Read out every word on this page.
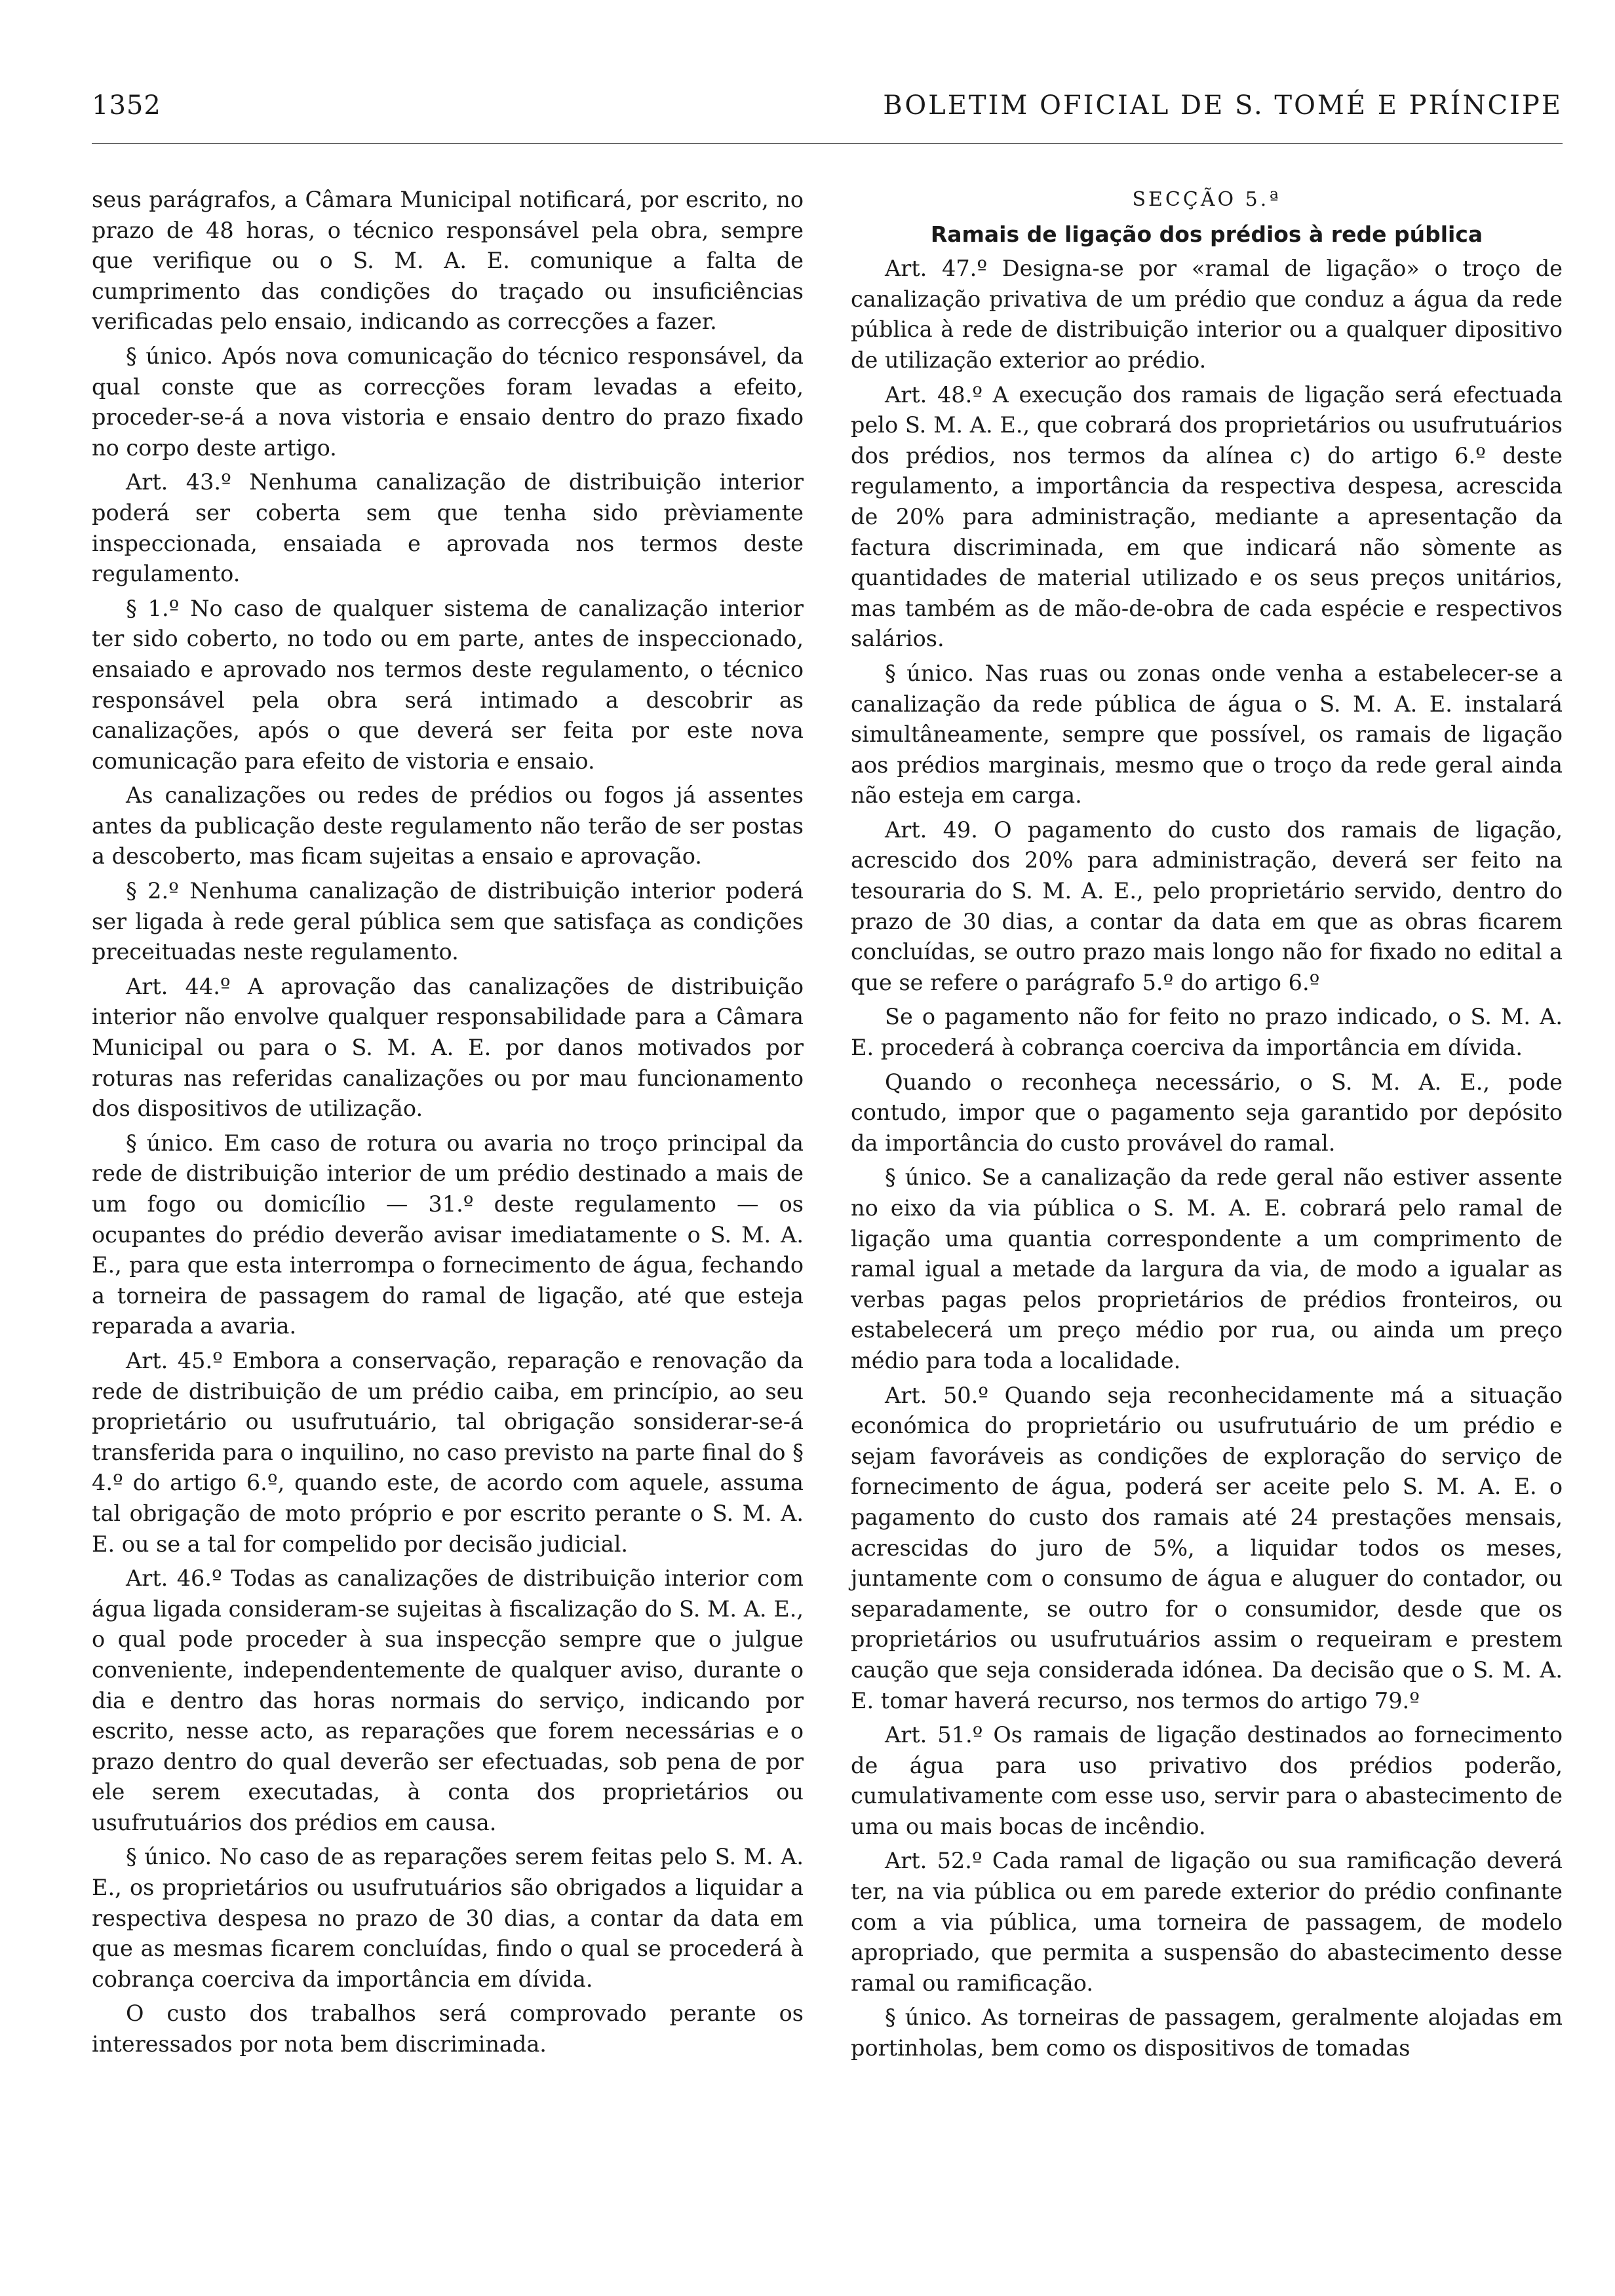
1352	BOLETIM OFICIAL DE S. TOMÉ E PRÍNCIPE

seus parágrafos, a Câmara Municipal notificará, por escrito, no prazo de 48 horas, o técnico responsável pela obra, sempre que verifique ou o S. M. A. E. comunique a falta de cumprimento das condições do traçado ou insuficiências verificadas pelo ensaio, indicando as correcções a fazer.

§ único. Após nova comunicação do técnico responsável, da qual conste que as correcções foram levadas a efeito, proceder-se-á a nova vistoria e ensaio dentro do prazo fixado no corpo deste artigo.

Art. 43.º Nenhuma canalização de distribuição interior poderá ser coberta sem que tenha sido prèviamente inspeccionada, ensaiada e aprovada nos termos deste regulamento.

§ 1.º No caso de qualquer sistema de canalização interior ter sido coberto, no todo ou em parte, antes de inspeccionado, ensaiado e aprovado nos termos deste regulamento, o técnico responsável pela obra será intimado a descobrir as canalizações, após o que deverá ser feita por este nova comunicação para efeito de vistoria e ensaio.

As canalizações ou redes de prédios ou fogos já assentes antes da publicação deste regulamento não terão de ser postas a descoberto, mas ficam sujeitas a ensaio e aprovação.

§ 2.º Nenhuma canalização de distribuição interior poderá ser ligada à rede geral pública sem que satisfaça as condições preceituadas neste regulamento.

Art. 44.º A aprovação das canalizações de distribuição interior não envolve qualquer responsabilidade para a Câmara Municipal ou para o S. M. A. E. por danos motivados por roturas nas referidas canalizações ou por mau funcionamento dos dispositivos de utilização.

§ único. Em caso de rotura ou avaria no troço principal da rede de distribuição interior de um prédio destinado a mais de um fogo ou domicílio — 31.º deste regulamento — os ocupantes do prédio deverão avisar imediatamente o S. M. A. E., para que esta interrompa o fornecimento de água, fechando a torneira de passagem do ramal de ligação, até que esteja reparada a avaria.

Art. 45.º Embora a conservação, reparação e renovação da rede de distribuição de um prédio caiba, em princípio, ao seu proprietário ou usufrutuário, tal obrigação sonsiderar-se-á transferida para o inquilino, no caso previsto na parte final do § 4.º do artigo 6.º, quando este, de acordo com aquele, assuma tal obrigação de moto próprio e por escrito perante o S. M. A. E. ou se a tal for compelido por decisão judicial.

Art. 46.º Todas as canalizações de distribuição interior com água ligada consideram-se sujeitas à fiscalização do S. M. A. E., o qual pode proceder à sua inspecção sempre que o julgue conveniente, independentemente de qualquer aviso, durante o dia e dentro das horas normais do serviço, indicando por escrito, nesse acto, as reparações que forem necessárias e o prazo dentro do qual deverão ser efectuadas, sob pena de por ele serem executadas, à conta dos proprietários ou usufrutuários dos prédios em causa.

§ único. No caso de as reparações serem feitas pelo S. M. A. E., os proprietários ou usufrutuários são obrigados a liquidar a respectiva despesa no prazo de 30 dias, a contar da data em que as mesmas ficarem concluídas, findo o qual se procederá à cobrança coerciva da importância em dívida.

O custo dos trabalhos será comprovado perante os interessados por nota bem discriminada.

SECÇÃO 5.ª

Ramais de ligação dos prédios à rede pública

Art. 47.º Designa-se por «ramal de ligação» o troço de canalização privativa de um prédio que conduz a água da rede pública à rede de distribuição interior ou a qualquer dipositivo de utilização exterior ao prédio.

Art. 48.º A execução dos ramais de ligação será efectuada pelo S. M. A. E., que cobrará dos proprietários ou usufrutuários dos prédios, nos termos da alínea c) do artigo 6.º deste regulamento, a importância da respectiva despesa, acrescida de 20% para administração, mediante a apresentação da factura discriminada, em que indicará não sòmente as quantidades de material utilizado e os seus preços unitários, mas também as de mão-de-obra de cada espécie e respectivos salários.

§ único. Nas ruas ou zonas onde venha a estabelecer-se a canalização da rede pública de água o S. M. A. E. instalará simultâneamente, sempre que possível, os ramais de ligação aos prédios marginais, mesmo que o troço da rede geral ainda não esteja em carga.

Art. 49. O pagamento do custo dos ramais de ligação, acrescido dos 20% para administração, deverá ser feito na tesouraria do S. M. A. E., pelo proprietário servido, dentro do prazo de 30 dias, a contar da data em que as obras ficarem concluídas, se outro prazo mais longo não for fixado no edital a que se refere o parágrafo 5.º do artigo 6.º

Se o pagamento não for feito no prazo indicado, o S. M. A. E. procederá à cobrança coerciva da importância em dívida.

Quando o reconheça necessário, o S. M. A. E., pode contudo, impor que o pagamento seja garantido por depósito da importância do custo provável do ramal.

§ único. Se a canalização da rede geral não estiver assente no eixo da via pública o S. M. A. E. cobrará pelo ramal de ligação uma quantia correspondente a um comprimento de ramal igual a metade da largura da via, de modo a igualar as verbas pagas pelos proprietários de prédios fronteiros, ou estabelecerá um preço médio por rua, ou ainda um preço médio para toda a localidade.

Art. 50.º Quando seja reconhecidamente má a situação económica do proprietário ou usufrutuário de um prédio e sejam favoráveis as condições de exploração do serviço de fornecimento de água, poderá ser aceite pelo S. M. A. E. o pagamento do custo dos ramais até 24 prestações mensais, acrescidas do juro de 5%, a liquidar todos os meses, juntamente com o consumo de água e aluguer do contador, ou separadamente, se outro for o consumidor, desde que os proprietários ou usufrutuários assim o requeiram e prestem caução que seja considerada idónea. Da decisão que o S. M. A. E. tomar haverá recurso, nos termos do artigo 79.º

Art. 51.º Os ramais de ligação destinados ao fornecimento de água para uso privativo dos prédios poderão, cumulativamente com esse uso, servir para o abastecimento de uma ou mais bocas de incêndio.

Art. 52.º Cada ramal de ligação ou sua ramificação deverá ter, na via pública ou em parede exterior do prédio confinante com a via pública, uma torneira de passagem, de modelo apropriado, que permita a suspensão do abastecimento desse ramal ou ramificação.

§ único. As torneiras de passagem, geralmente alojadas em portinholas, bem como os dispositivos de tomadas
